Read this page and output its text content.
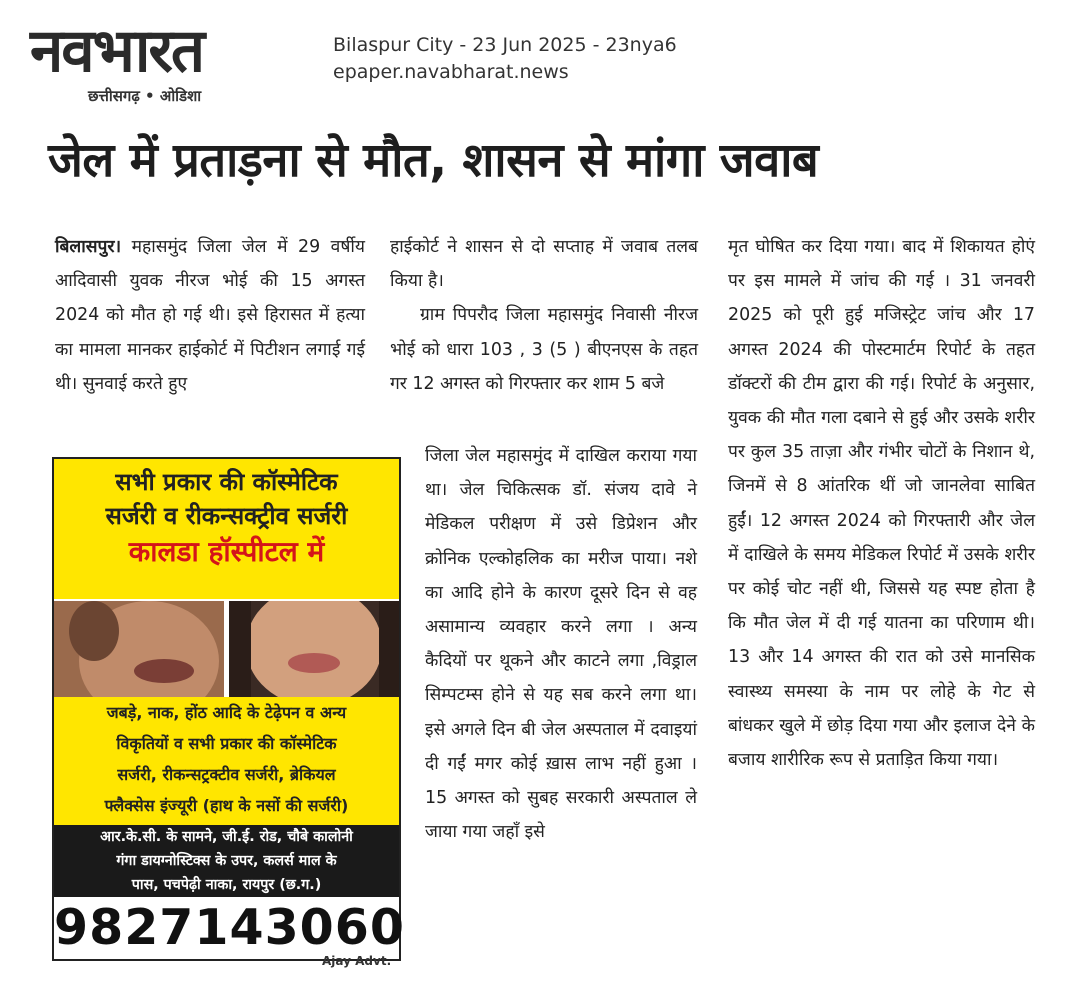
नवभारत
छत्तीसगढ़ • ओडिशा
Bilaspur City - 23 Jun 2025 - 23nya6
epaper.navabharat.news
जेल में प्रताड़ना से मौत, शासन से मांगा जवाब

बिलासपुर। महासमुंद जिला जेल में 29 वर्षीय आदिवासी युवक नीरज भोई की 15 अगस्त 2024 को मौत हो गई थी। इसे हिरासत में हत्या का मामला मानकर हाईकोर्ट में पिटीशन लगाई गई थी। सुनवाई करते हुए

सभी प्रकार की कॉस्मेटिक
सर्जरी व रीकन्सक्ट्रीव सर्जरी
कालडा हॉस्पीटल में
जबड़े, नाक, होंठ आदि के टेढ़ेपन व अन्य
विकृतियों व सभी प्रकार की कॉस्मेटिक
सर्जरी, रीकन्सट्रक्टीव सर्जरी, ब्रेकियल
फ्लैक्सेस इंज्यूरी (हाथ के नसों की सर्जरी)
आर.के.सी. के सामने, जी.ई. रोड, चौबे कालोनी
गंगा डायग्नोस्टिक्स के उपर, कलर्स माल के
पास, पचपेढ़ी नाका, रायपुर (छ.ग.)
9827143060
Ajay Advt.

हाईकोर्ट ने शासन से दो सप्ताह में जवाब तलब किया है।

ग्राम पिपरौद जिला महासमुंद निवासी नीरज भोई को धारा 103 , 3 (5 ) बीएनएस के तहत गर 12 अगस्त को गिरफ्तार कर शाम 5 बजे

जिला जेल महासमुंद में दाखिल कराया गया था। जेल चिकित्सक डॉ. संजय दावे ने मेडिकल परीक्षण में उसे डिप्रेशन और क्रोनिक एल्कोहलिक का मरीज पाया। नशे का आदि होने के कारण दूसरे दिन से वह असामान्य व्यवहार करने लगा । अन्य कैदियों पर थूकने और काटने लगा ,विड्राल सिम्पटम्स होने से यह सब करने लगा था। इसे अगले दिन बी जेल अस्पताल में दवाइयां दी गईं मगर कोई ख़ास लाभ नहीं हुआ । 15 अगस्त को सुबह सरकारी अस्पताल ले जाया गया जहाँ इसे

मृत घोषित कर दिया गया। बाद में शिकायत होएं पर इस मामले में जांच की गई । 31 जनवरी 2025 को पूरी हुई मजिस्ट्रेट जांच और 17 अगस्त 2024 की पोस्टमार्टम रिपोर्ट के तहत डॉक्टरों की टीम द्वारा की गई। रिपोर्ट के अनुसार, युवक की मौत गला दबाने से हुई और उसके शरीर पर कुल 35 ताज़ा और गंभीर चोटों के निशान थे, जिनमें से 8 आंतरिक थीं जो जानलेवा साबित हुईं। 12 अगस्त 2024 को गिरफ्तारी और जेल में दाखिले के समय मेडिकल रिपोर्ट में उसके शरीर पर कोई चोट नहीं थी, जिससे यह स्पष्ट होता है कि मौत जेल में दी गई यातना का परिणाम थी। 13 और 14 अगस्त की रात को उसे मानसिक स्वास्थ्य समस्या के नाम पर लोहे के गेट से बांधकर खुले में छोड़ दिया गया और इलाज देने के बजाय शारीरिक रूप से प्रताड़ित किया गया।
